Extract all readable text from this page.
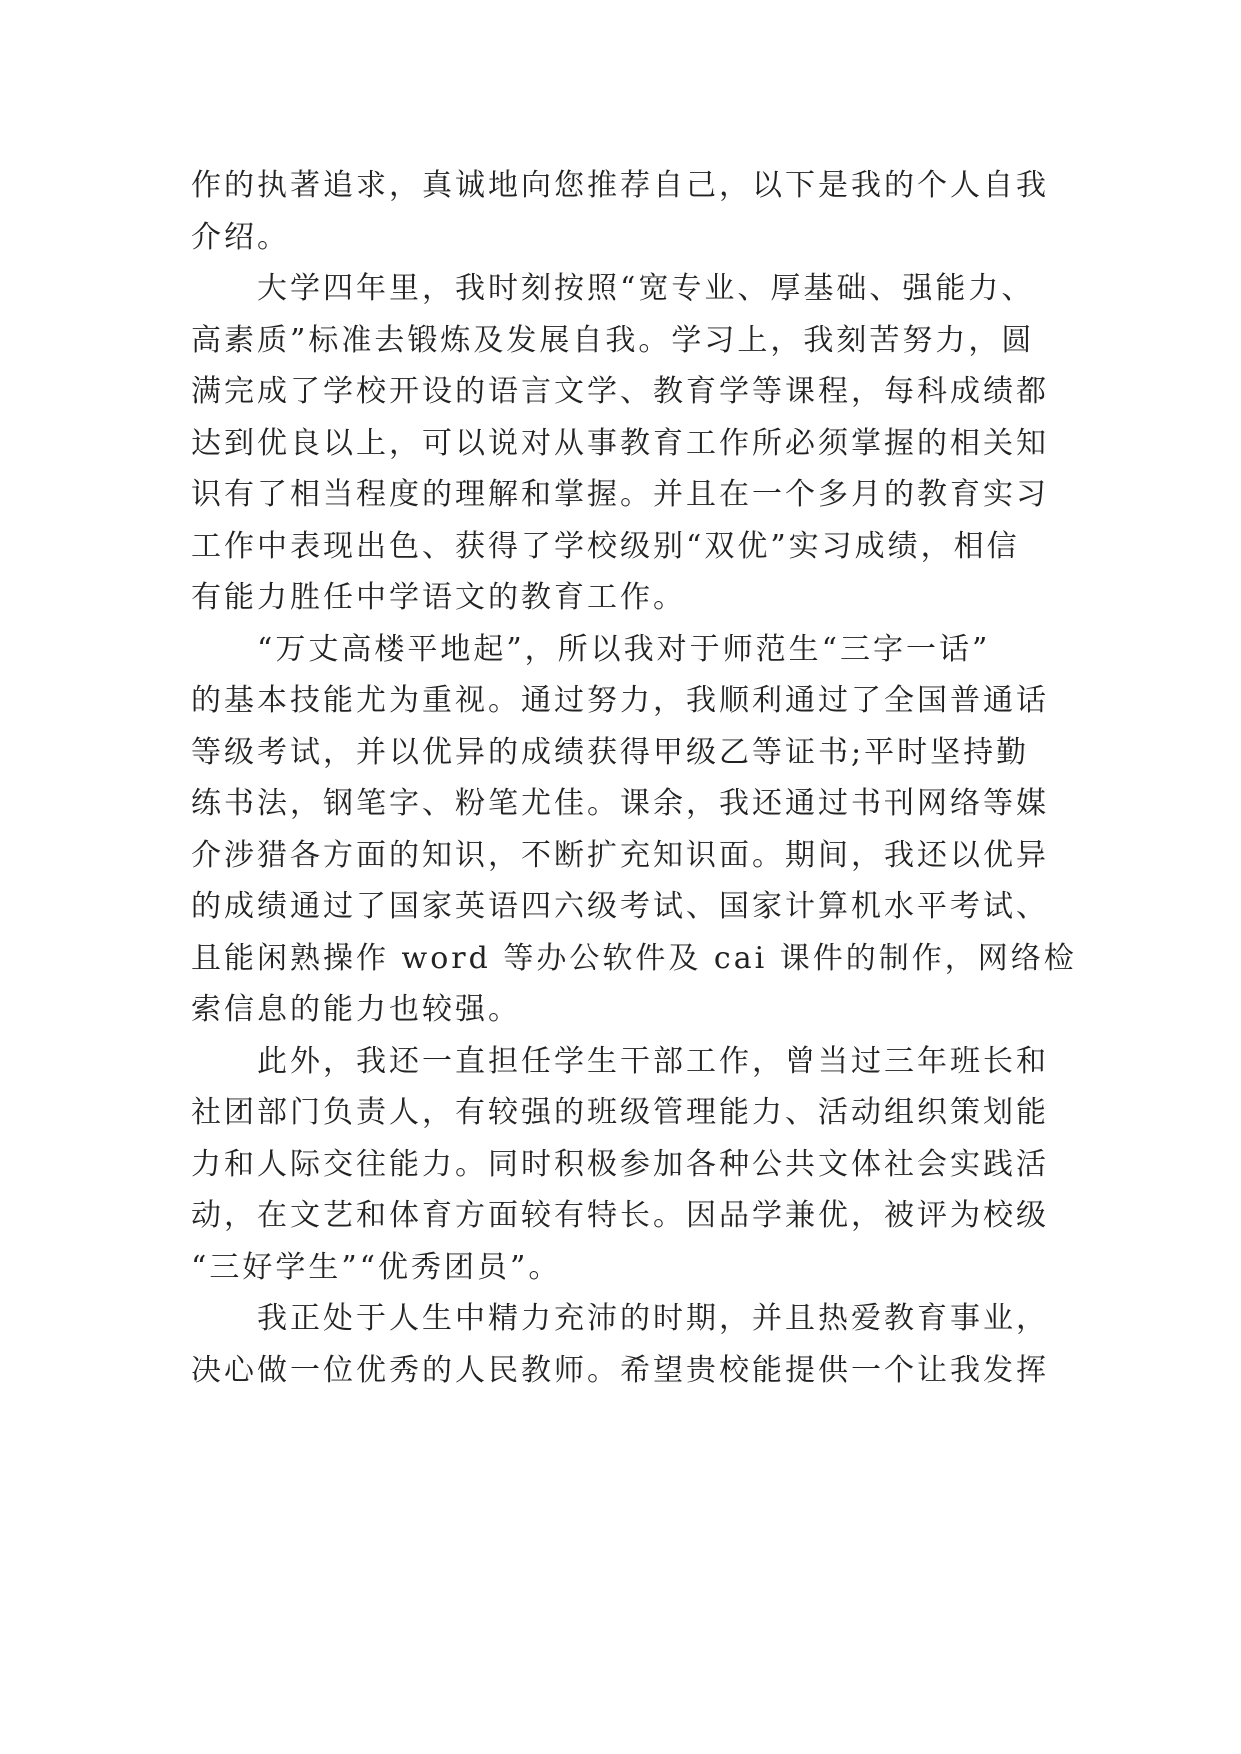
作的执著追求，真诚地向您推荐自己，以下是我的个人自我
介绍。
大学四年里，我时刻按照“宽专业、厚基础、强能力、
高素质”标准去锻炼及发展自我。学习上，我刻苦努力，圆
满完成了学校开设的语言文学、教育学等课程，每科成绩都
达到优良以上，可以说对从事教育工作所必须掌握的相关知
识有了相当程度的理解和掌握。并且在一个多月的教育实习
工作中表现出色、获得了学校级别“双优”实习成绩，相信
有能力胜任中学语文的教育工作。
“万丈高楼平地起”，所以我对于师范生“三字一话”
的基本技能尤为重视。通过努力，我顺利通过了全国普通话
等级考试，并以优异的成绩获得甲级乙等证书;平时坚持勤
练书法，钢笔字、粉笔尤佳。课余，我还通过书刊网络等媒
介涉猎各方面的知识，不断扩充知识面。期间，我还以优异
的成绩通过了国家英语四六级考试、国家计算机水平考试、
且能闲熟操作 word 等办公软件及 cai 课件的制作，网络检
索信息的能力也较强。
此外，我还一直担任学生干部工作，曾当过三年班长和
社团部门负责人，有较强的班级管理能力、活动组织策划能
力和人际交往能力。同时积极参加各种公共文体社会实践活
动，在文艺和体育方面较有特长。因品学兼优，被评为校级
“三好学生”“优秀团员”。
我正处于人生中精力充沛的时期，并且热爱教育事业，
决心做一位优秀的人民教师。希望贵校能提供一个让我发挥
